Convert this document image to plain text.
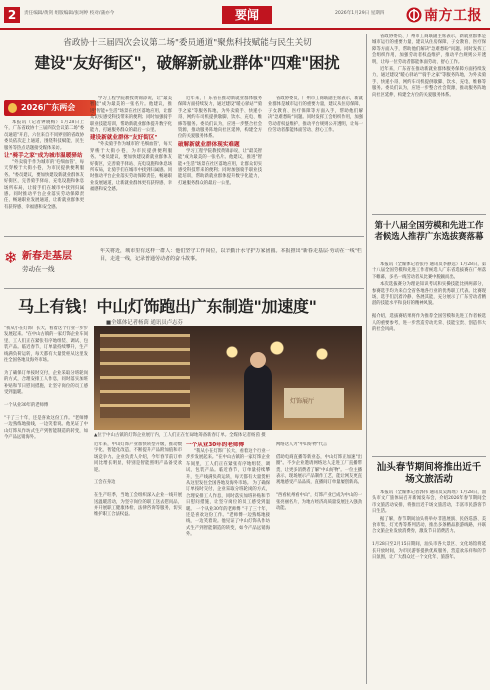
2	责任编辑/黄剑 组版编辑/张珂婷 校对/蒲亦今	要闻	2026年1月29日 星期四	南方工报
省政协十三届四次会议第二场"委员通道"聚焦科技赋能与民生关切
建设"友好街区"，破解新就业群体"四难"困扰
2026广东两会

本报讯（记者钟晓梅）1月28日上午，广东省政协十三届四次会议第二场"委员通道"开启，六位来自不同界别的省政协委员依次走上通道，围绕科技赋能、民生服务等热点话题接受媒体采访。

让"骑手之家"成为城市温暖驿站

"外卖骑手作为城市的'毛细血管'，每天穿梭于大街小巷，为市民提供便利服务。"委员建议，要加快建设新就业群体友好街区，完善骑手驿站、充电设施和休息场所布局，让骑手们在城市中找到归属感。同时推动平台企业落实劳动保障责任，畅通职业发展通道，让新就业群体更有获得感、幸福感和安全感。

学习工程学院教授黄锦添说，让"最美智能"成为最美的一张名片。他建议，推进"智能+生活"场景在社区落地应用，让群众切实感受科技带来的便利；同时加强骑手职业技能培训，帮助新就业群体提升数字化能力，打通服务群众的最后一公里。

建设新就业群体"友好街区"

"外卖骑手作为城市的'毛细血管'，每天穿梭于大街小巷，为市民提供便利服务。"委员建议，要加快建设新就业群体友好街区，完善骑手驿站、充电设施和休息场所布局，让骑手们在城市中找到归属感。同时推动平台企业落实劳动保障责任，畅通职业发展通道，让新就业群体更有获得感、幸福感和安全感。

近年来，广东省在推动新就业群体服务保障方面持续发力，通过建设"暖心驿站""骑手之家"等服务阵地，为外卖骑手、快递小哥、网约车司机提供歇脚、饮水、充电、维修等服务。委员们认为，应进一步整合社会资源，推动服务阵地向社区延伸，构建全方位的关爱服务体系。

破解新就业群体现实难题

学习工程学院教授黄锦添说，让"最美智能"成为最美的一张名片。他建议，推进"智能+生活"场景在社区落地应用，让群众切实感受科技带来的便利；同时加强骑手职业技能培训，帮助新就业群体提升数字化能力，打通服务群众的最后一公里。

省政协委员、广州市工商联副主席表示，新就业群体是城市运行的重要力量，建议从住房保障、子女教育、医疗保障等方面入手，帮助他们解决"急难愁盼"问题。同时发挥工会组织作用，加强劳动者权益维护，推动平台规则公开透明，让每一位劳动者都能体面劳动、舒心工作。

❄ 新春走基层
劳动在一线
年关将近，城市里有这样一群人：他们坚守工作岗位，以辛勤汗水守护万家团圆。本报推出"新春走基层·劳动在一线"栏目，走进一线，记录普通劳动者的奋斗故事。
马上有钱！中山灯饰跑出广东制造"加速度"
■全媒体记者杨茵 通讯员卢志芬
"我从小在灯饰厂长大，看着这个行业一步步发展起来。"在中山古镇的一家灯饰企业车间里，工人们正在紧张有序地组装、调试、包装产品。临近春节，订单量持续攀升，生产线满负荷运转，每天都有大量货柜从这里发往全国各地及海外市场。

为了确保订单按时交付，企业采取分班轮岗的方式，合理安排工人作息，同时落实加班补贴和节日慰问措施，让坚守岗位的员工感受到温暖。

一个从业30年的老师傅

"干了三十年，还是喜欢这份工作。"老师傅一边熟练地接线，一边笑着说。他见证了中山灯饰从作坊式生产到智能制造的转变，如今产品远销海外。
灯饰展厅
▲位于中山古镇的灯饰企业展厅内，工人们正在忙碌地筹备新春订单。全媒体记者杨茵 摄
近年来，中山灯饰产业加快转型升级，推动数字化、智能化改造，不断提升产品附加值和市场竞争力。企业负责人介绍，今年春节前订单同比增长明显，特别是智能照明产品备受欢迎。

工会在身边

在生产旺季，当地工会组织深入企业一线开展送温暖活动，为坚守岗位的职工送去慰问品，并开展职工健康体检、法律咨询等服务，切实维护职工合法权益。
一个从业30年的老师傅

"我从小在灯饰厂长大，看着这个行业一步步发展起来。"在中山古镇的一家灯饰企业车间里，工人们正在紧张有序地组装、调试、包装产品。临近春节，订单量持续攀升，生产线满负荷运转，每天都有大量货柜从这里发往全国各地及海外市场。 为了确保订单按时交付，企业采取分班轮岗的方式，合理安排工人作息，同时落实加班补贴和节日慰问措施，让坚守岗位的员工感受到温暖。 一个从业30年的老师傅 "干了三十年，还是喜欢这份工作。"老师傅一边熟练地接线，一边笑着说。他见证了中山灯饰从作坊式生产到智能制造的转变，如今产品远销海外。

网络达人为"中山好物"代言

借助电商直播等新业态，中山灯饰正加速"出圈"。不少企业邀请网络达人走进工厂直播带货，让更多消费者了解"中山好物"。一位主播表示，现场展示产品制作工艺，能让网友更直观地感受产品品质，直播间订单量屡创新高。

"西看杭州看中山"，灯饰产业已成为中山的一张亮丽名片，为地方经济高质量发展注入强劲动能。

省政协委员、广州市工商联副主席表示，新就业群体是城市运行的重要力量，建议从住房保障、子女教育、医疗保障等方面入手，帮助他们解决"急难愁盼"问题。同时发挥工会组织作用，加强劳动者权益维护，推动平台规则公开透明，让每一位劳动者都能体面劳动、舒心工作。

近年来，广东省在推动新就业群体服务保障方面持续发力，通过建设"暖心驿站""骑手之家"等服务阵地，为外卖骑手、快递小哥、网约车司机提供歇脚、饮水、充电、维修等服务。委员们认为，应进一步整合社会资源，推动服务阵地向社区延伸，构建全方位的关爱服务体系。

第十八届全国劳模和先进工作者候选人推荐广东选拔赛落幕

本报讯（全媒体记者张丹 通讯员李静远）1月28日，第十八届全国劳模和先进工作者候选人广东省选拔赛在广州落下帷幕，多名一线劳动者从比赛中脱颖而出。

本次选拔赛分为理论知识考试和实操技能比拼两部分，参赛选手均为来自全省各地各行业的优秀职工代表。比赛现场，选手们沉着冷静、各展其能，充分展示了广东劳动者精湛的技能水平和良好的精神风貌。

据介绍，选拔赛结果将作为推荐全国劳模和先进工作者候选人的重要参考，进一步营造劳动光荣、技能宝贵、创造伟大的社会风尚。

汕头春节期间将推出近千场文旅活动

本报讯（全媒体记者郭伟 通讯员吴海瑶）1月28日，汕头市文广旅体局召开新闻发布会，介绍2026年春节期间全市文旅活动安排，将推出近千场文旅活动，丰富市民游客节日生活。

据了解，春节期间汕头将举办非遗展演、民俗巡游、美食市集、灯光秀等系列活动，推出多条精品旅游线路，并联合文旅企业发放消费券，激发节日消费活力。

1月28日至2月15日期间，汕头市各大景区、文化场馆将延长开放时间，为市民游客提供优质服务，营造欢乐祥和的节日氛围，让广大群众过一个文化年、旅游年。
